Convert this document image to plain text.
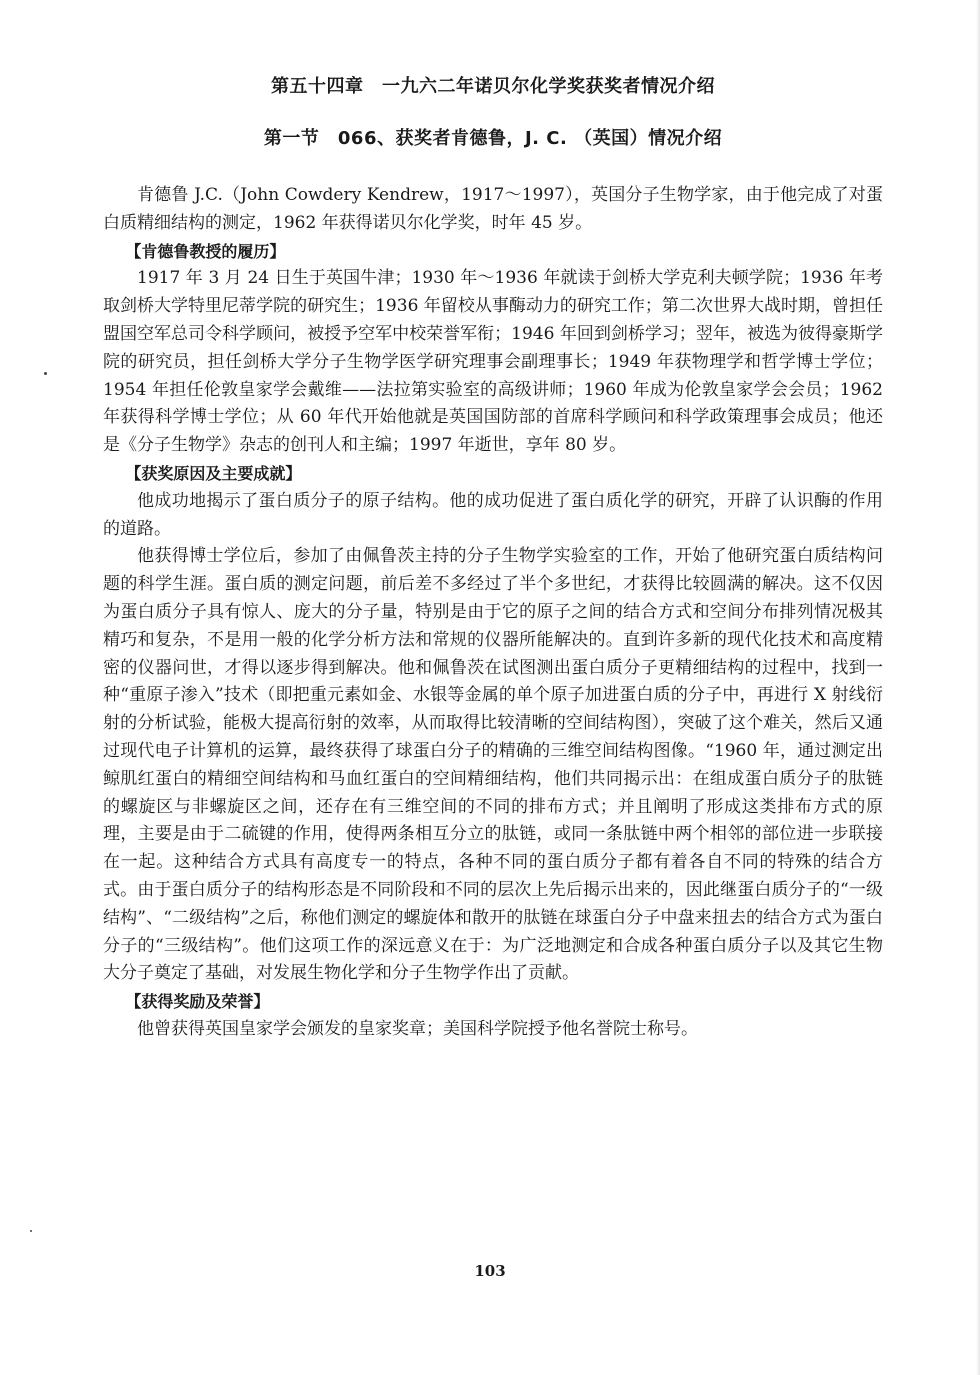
第五十四章　一九六二年诺贝尔化学奖获奖者情况介绍
第一节　066、获奖者肯德鲁，J. C. （英国）情况介绍

肯德鲁 J.C.（John Cowdery Kendrew，1917～1997），英国分子生物学家，由于他完成了对蛋白质精细结构的测定，1962 年获得诺贝尔化学奖，时年 45 岁。

【肯德鲁教授的履历】

1917 年 3 月 24 日生于英国牛津；1930 年～1936 年就读于剑桥大学克利夫顿学院；1936 年考取剑桥大学特里尼蒂学院的研究生；1936 年留校从事酶动力的研究工作；第二次世界大战时期，曾担任盟国空军总司令科学顾问，被授予空军中校荣誉军衔；1946 年回到剑桥学习；翌年，被选为彼得豪斯学院的研究员，担任剑桥大学分子生物学医学研究理事会副理事长；1949 年获物理学和哲学博士学位；1954 年担任伦敦皇家学会戴维——法拉第实验室的高级讲师；1960 年成为伦敦皇家学会会员；1962 年获得科学博士学位；从 60 年代开始他就是英国国防部的首席科学顾问和科学政策理事会成员；他还是《分子生物学》杂志的创刊人和主编；1997 年逝世，享年 80 岁。

【获奖原因及主要成就】

他成功地揭示了蛋白质分子的原子结构。他的成功促进了蛋白质化学的研究，开辟了认识酶的作用的道路。

他获得博士学位后，参加了由佩鲁茨主持的分子生物学实验室的工作，开始了他研究蛋白质结构问题的科学生涯。蛋白质的测定问题，前后差不多经过了半个多世纪，才获得比较圆满的解决。这不仅因为蛋白质分子具有惊人、庞大的分子量，特别是由于它的原子之间的结合方式和空间分布排列情况极其精巧和复杂，不是用一般的化学分析方法和常规的仪器所能解决的。直到许多新的现代化技术和高度精密的仪器问世，才得以逐步得到解决。他和佩鲁茨在试图测出蛋白质分子更精细结构的过程中，找到一种“重原子渗入”技术（即把重元素如金、水银等金属的单个原子加进蛋白质的分子中，再进行 X 射线衍射的分析试验，能极大提高衍射的效率，从而取得比较清晰的空间结构图），突破了这个难关，然后又通过现代电子计算机的运算，最终获得了球蛋白分子的精确的三维空间结构图像。“1960 年，通过测定出鲸肌红蛋白的精细空间结构和马血红蛋白的空间精细结构，他们共同揭示出：在组成蛋白质分子的肽链的螺旋区与非螺旋区之间，还存在有三维空间的不同的排布方式；并且阐明了形成这类排布方式的原理，主要是由于二硫键的作用，使得两条相互分立的肽链，或同一条肽链中两个相邻的部位进一步联接在一起。这种结合方式具有高度专一的特点，各种不同的蛋白质分子都有着各自不同的特殊的结合方式。由于蛋白质分子的结构形态是不同阶段和不同的层次上先后揭示出来的，因此继蛋白质分子的“一级结构”、“二级结构”之后，称他们测定的螺旋体和散开的肽链在球蛋白分子中盘来扭去的结合方式为蛋白分子的“三级结构”。他们这项工作的深远意义在于：为广泛地测定和合成各种蛋白质分子以及其它生物大分子奠定了基础，对发展生物化学和分子生物学作出了贡献。

【获得奖励及荣誉】

他曾获得英国皇家学会颁发的皇家奖章；美国科学院授予他名誉院士称号。

103
